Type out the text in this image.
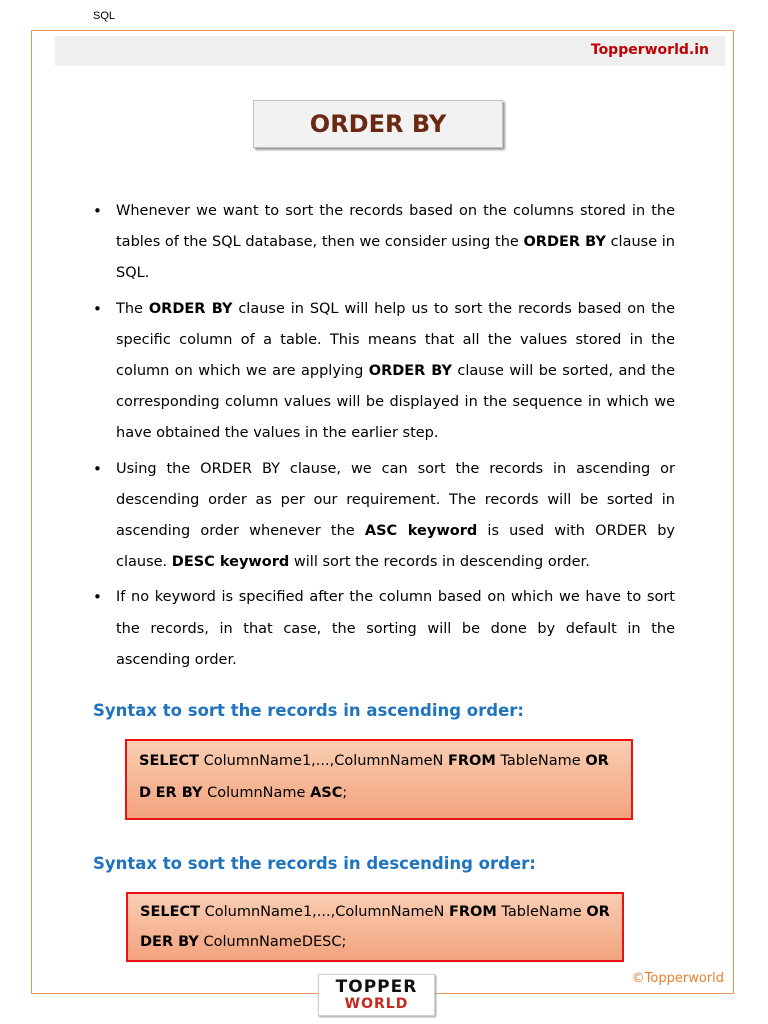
SQL
Topperworld.in
ORDER BY
• Whenever we want to sort the records based on the columns stored in the tables of the SQL database, then we consider using the ORDER BY clause in SQL.
• The ORDER BY clause in SQL will help us to sort the records based on the specific column of a table. This means that all the values stored in the column on which we are applying ORDER BY clause will be sorted, and the corresponding column values will be displayed in the sequence in which we have obtained the values in the earlier step.
• Using the ORDER BY clause, we can sort the records in ascending or descending order as per our requirement. The records will be sorted in ascending order whenever the ASC keyword is used with ORDER by clause. DESC keyword will sort the records in descending order.
• If no keyword is specified after the column based on which we have to sort the records, in that case, the sorting will be done by default in the ascending order.
Syntax to sort the records in ascending order:
SELECT ColumnName1,...,ColumnNameN FROM TableName ORD ER BY ColumnName ASC;
Syntax to sort the records in descending order:
SELECT ColumnName1,...,ColumnNameN FROM TableName OR DER BY ColumnNameDESC;
©Topperworld
TOPPER
WORLD
